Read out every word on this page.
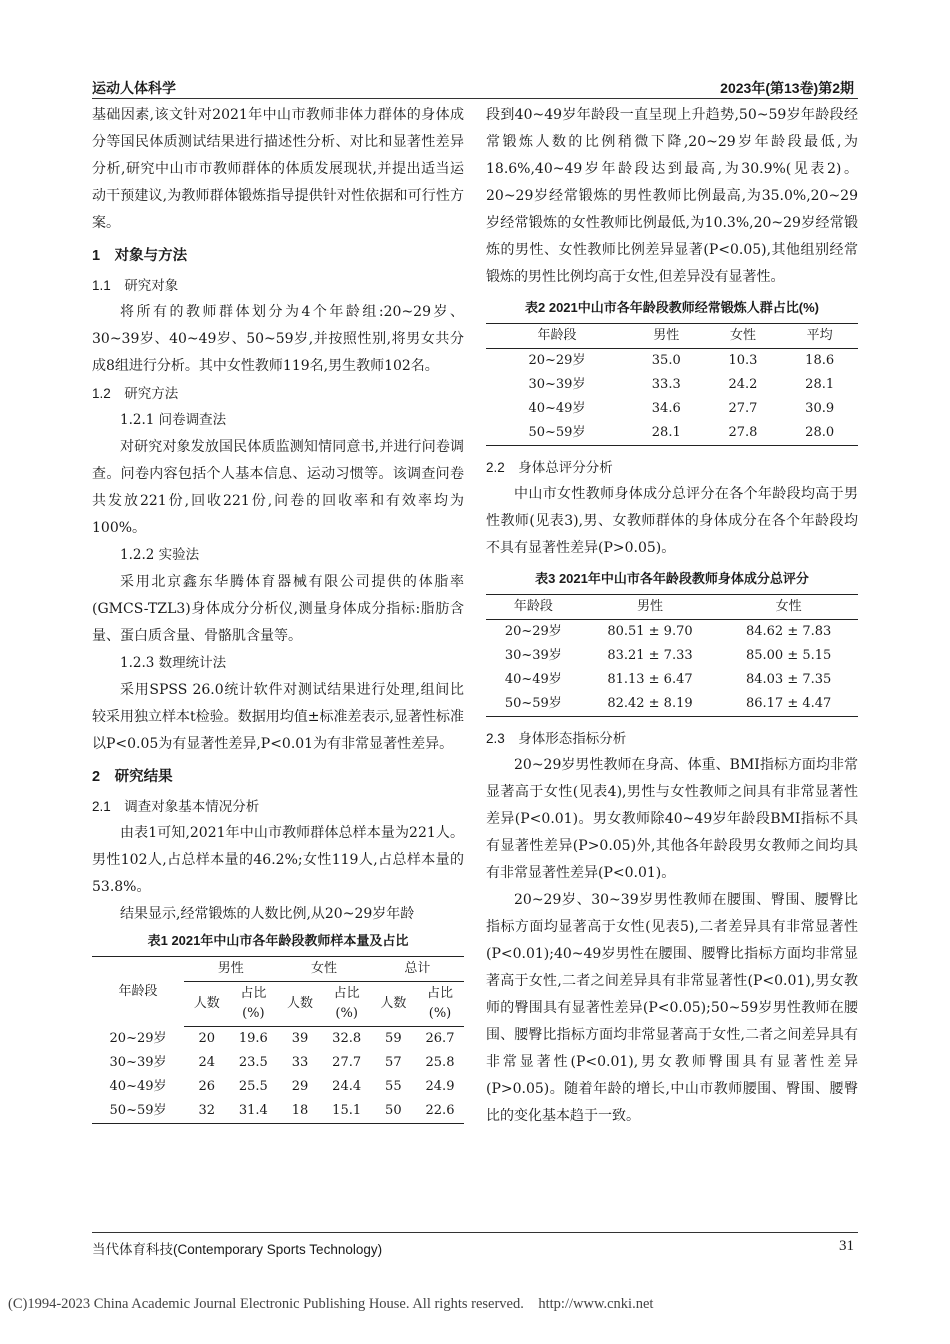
运动人体科学	2023年(第13卷)第2期

基础因素,该文针对2021年中山市教师非体力群体的身体成分等国民体质测试结果进行描述性分析、对比和显著性差异分析,研究中山市市教师群体的体质发展现状,并提出适当运动干预建议,为教师群体锻炼指导提供针对性依据和可行性方案。

1　对象与方法
1.1　研究对象

将所有的教师群体划分为4个年龄组:20~29岁、30~39岁、40~49岁、50~59岁,并按照性别,将男女共分成8组进行分析。其中女性教师119名,男生教师102名。

1.2　研究方法
1.2.1 问卷调查法

对研究对象发放国民体质监测知情同意书,并进行问卷调查。问卷内容包括个人基本信息、运动习惯等。该调查问卷共发放221份,回收221份,问卷的回收率和有效率均为100%。

1.2.2 实验法

采用北京鑫东华腾体育器械有限公司提供的体脂率(GMCS-TZL3)身体成分分析仪,测量身体成分指标:脂肪含量、蛋白质含量、骨骼肌含量等。

1.2.3 数理统计法

采用SPSS 26.0统计软件对测试结果进行处理,组间比较采用独立样本t检验。数据用均值±标准差表示,显著性标准以P<0.05为有显著性差异,P<0.01为有非常显著性差异。

2　研究结果
2.1　调查对象基本情况分析

由表1可知,2021年中山市教师群体总样本量为221人。男性102人,占总样本量的46.2%;女性119人,占总样本量的53.8%。

结果显示,经常锻炼的人数比例,从20~29岁年龄

表1 2021年中山市各年龄段教师样本量及占比
年龄段	男性		女性		总计	
	人数	占比(%)	人数	占比(%)	人数	占比(%)
20~29岁	20	19.6	39	32.8	59	26.7
30~39岁	24	23.5	33	27.7	57	25.8
40~49岁	26	25.5	29	24.4	55	24.9
50~59岁	32	31.4	18	15.1	50	22.6

段到40~49岁年龄段一直呈现上升趋势,50~59岁年龄段经常锻炼人数的比例稍微下降,20~29岁年龄段最低,为18.6%,40~49岁年龄段达到最高,为30.9%(见表2)。20~29岁经常锻炼的男性教师比例最高,为35.0%,20~29岁经常锻炼的女性教师比例最低,为10.3%,20~29岁经常锻炼的男性、女性教师比例差异显著(P<0.05),其他组别经常锻炼的男性比例均高于女性,但差异没有显著性。

表2 2021中山市各年龄段教师经常锻炼人群占比(%)
年龄段	男性	女性	平均
20~29岁	35.0	10.3	18.6
30~39岁	33.3	24.2	28.1
40~49岁	34.6	27.7	30.9
50~59岁	28.1	27.8	28.0
2.2　身体总评分分析

中山市女性教师身体成分总评分在各个年龄段均高于男性教师(见表3),男、女教师群体的身体成分在各个年龄段均不具有显著性差异(P>0.05)。

表3 2021年中山市各年龄段教师身体成分总评分
年龄段	男性	女性
20~29岁	80.51 ± 9.70	84.62 ± 7.83
30~39岁	83.21 ± 7.33	85.00 ± 5.15
40~49岁	81.13 ± 6.47	84.03 ± 7.35
50~59岁	82.42 ± 8.19	86.17 ± 4.47
2.3　身体形态指标分析

20~29岁男性教师在身高、体重、BMI指标方面均非常显著高于女性(见表4),男性与女性教师之间具有非常显著性差异(P<0.01)。男女教师除40~49岁年龄段BMI指标不具有显著性差异(P>0.05)外,其他各年龄段男女教师之间均具有非常显著性差异(P<0.01)。

20~29岁、30~39岁男性教师在腰围、臀围、腰臀比指标方面均显著高于女性(见表5),二者差异具有非常显著性(P<0.01);40~49岁男性在腰围、腰臀比指标方面均非常显著高于女性,二者之间差异具有非常显著性(P<0.01),男女教师的臀围具有显著性差异(P<0.05);50~59岁男性教师在腰围、腰臀比指标方面均非常显著高于女性,二者之间差异具有非常显著性(P<0.01),男女教师臀围具有显著性差异(P>0.05)。随着年龄的增长,中山市教师腰围、臀围、腰臀比的变化基本趋于一致。

当代体育科技(Contemporary Sports Technology)	31
(C)1994-2023 China Academic Journal Electronic Publishing House. All rights reserved.    http://www.cnki.net
